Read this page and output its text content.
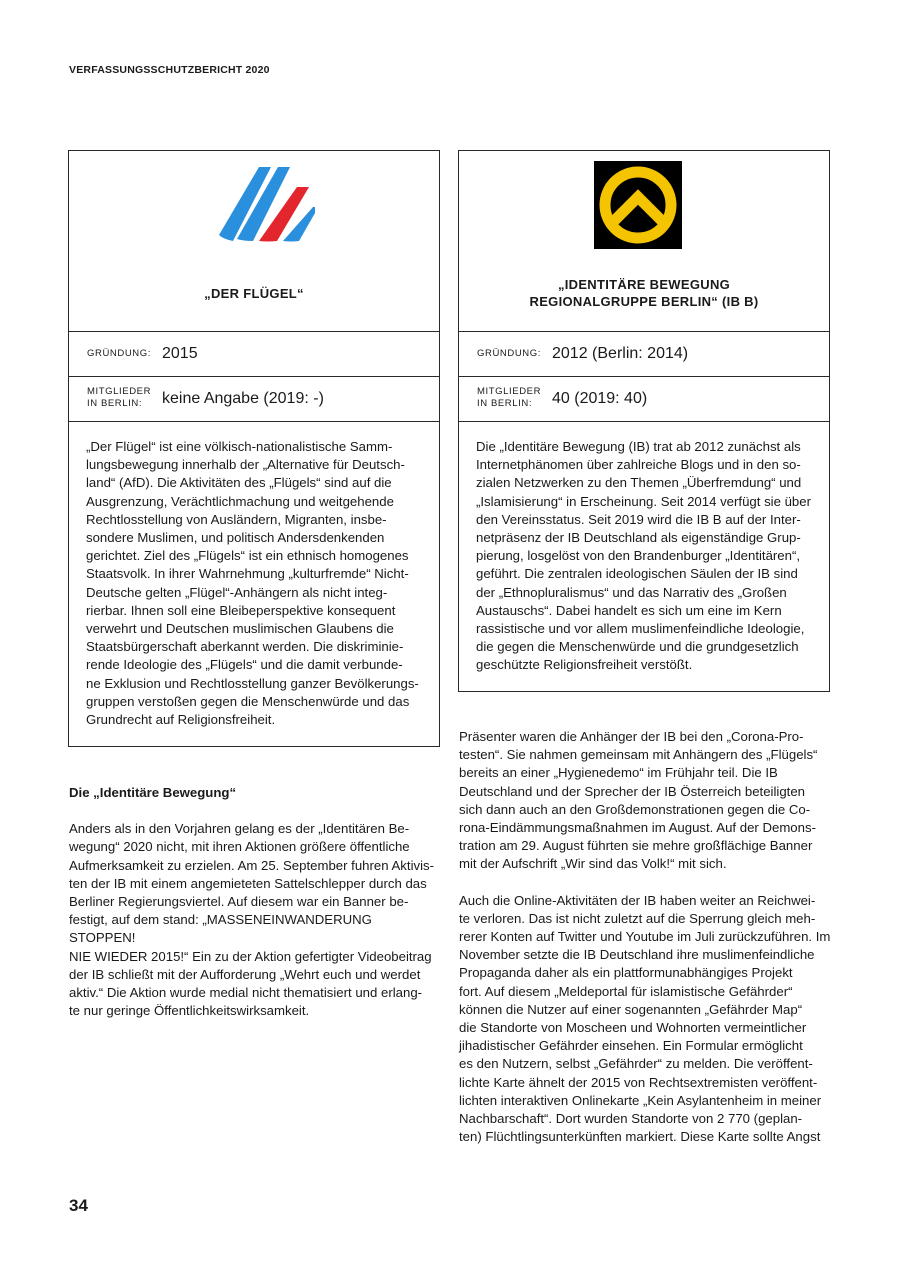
VERFASSUNGSSCHUTZBERICHT 2020
„DER FLÜGEL“
GRÜNDUNG: 2015
MITGLIEDER
IN BERLIN:	keine Angabe (2019: -)
„Der Flügel“ ist eine völkisch-nationalistische Samm-
lungsbewegung innerhalb der „Alternative für Deutsch-
land“ (AfD). Die Aktivitäten des „Flügels“ sind auf die
Ausgrenzung, Verächtlichmachung und weitgehende
Rechtlosstellung von Ausländern, Migranten, insbe-
sondere Muslimen, und politisch Andersdenkenden
gerichtet. Ziel des „Flügels“ ist ein ethnisch homogenes
Staatsvolk. In ihrer Wahrnehmung „kulturfremde“ Nicht-
Deutsche gelten „Flügel“-Anhängern als nicht integ-
rierbar. Ihnen soll eine Bleibeperspektive konsequent
verwehrt und Deutschen muslimischen Glaubens die
Staatsbürgerschaft aberkannt werden. Die diskriminie-
rende Ideologie des „Flügels“ und die damit verbunde-
ne Exklusion und Rechtlosstellung ganzer Bevölkerungs-
gruppen verstoßen gegen die Menschenwürde und das
Grundrecht auf Religionsfreiheit.
„IDENTITÄRE BEWEGUNG
REGIONALGRUPPE BERLIN“ (IB B)
GRÜNDUNG: 2012 (Berlin: 2014)
MITGLIEDER
IN BERLIN:	40 (2019: 40)
Die „Identitäre Bewegung (IB) trat ab 2012 zunächst als
Internetphänomen über zahlreiche Blogs und in den so-
zialen Netzwerken zu den Themen „Überfremdung“ und
„Islamisierung“ in Erscheinung. Seit 2014 verfügt sie über
den Vereinsstatus. Seit 2019 wird die IB B auf der Inter-
netpräsenz der IB Deutschland als eigenständige Grup-
pierung, losgelöst von den Brandenburger „Identitären“,
geführt. Die zentralen ideologischen Säulen der IB sind
der „Ethnopluralismus“ und das Narrativ des „Großen
Austauschs“. Dabei handelt es sich um eine im Kern
rassistische und vor allem muslimenfeindliche Ideologie,
die gegen die Menschenwürde und die grundgesetzlich
geschützte Religionsfreiheit verstößt.

Die „Identitäre Bewegung“

Anders als in den Vorjahren gelang es der „Identitären Be-
wegung“ 2020 nicht, mit ihren Aktionen größere öffentliche
Aufmerksamkeit zu erzielen. Am 25. September fuhren Aktivis-
ten der IB mit einem angemieteten Sattelschlepper durch das
Berliner Regierungsviertel. Auf diesem war ein Banner be-
festigt, auf dem stand: „MASSENEINWANDERUNG STOPPEN!
NIE WIEDER 2015!“ Ein zu der Aktion gefertigter Videobeitrag
der IB schließt mit der Aufforderung „Wehrt euch und werdet
aktiv.“ Die Aktion wurde medial nicht thematisiert und erlang-
te nur geringe Öffentlichkeitswirksamkeit.

Präsenter waren die Anhänger der IB bei den „Corona-Pro-
testen“. Sie nahmen gemeinsam mit Anhängern des „Flügels“
bereits an einer „Hygienedemo“ im Frühjahr teil. Die IB
Deutschland und der Sprecher der IB Österreich beteiligten
sich dann auch an den Großdemonstrationen gegen die Co-
rona-Eindämmungsmaßnahmen im August. Auf der Demons-
tration am 29. August führten sie mehre großflächige Banner
mit der Aufschrift „Wir sind das Volk!“ mit sich.

Auch die Online-Aktivitäten der IB haben weiter an Reichwei-
te verloren. Das ist nicht zuletzt auf die Sperrung gleich meh-
rerer Konten auf Twitter und Youtube im Juli zurückzuführen. Im
November setzte die IB Deutschland ihre muslimenfeindliche
Propaganda daher als ein plattformunabhängiges Projekt
fort. Auf diesem „Meldeportal für islamistische Gefährder“
können die Nutzer auf einer sogenannten „Gefährder Map“
die Standorte von Moscheen und Wohnorten vermeintlicher
jihadistischer Gefährder einsehen. Ein Formular ermöglicht
es den Nutzern, selbst „Gefährder“ zu melden. Die veröffent-
lichte Karte ähnelt der 2015 von Rechtsextremisten veröffent-
lichten interaktiven Onlinekarte „Kein Asylantenheim in meiner
Nachbarschaft“. Dort wurden Standorte von 2 770 (geplan-
ten) Flüchtlingsunterkünften markiert. Diese Karte sollte Angst

34
